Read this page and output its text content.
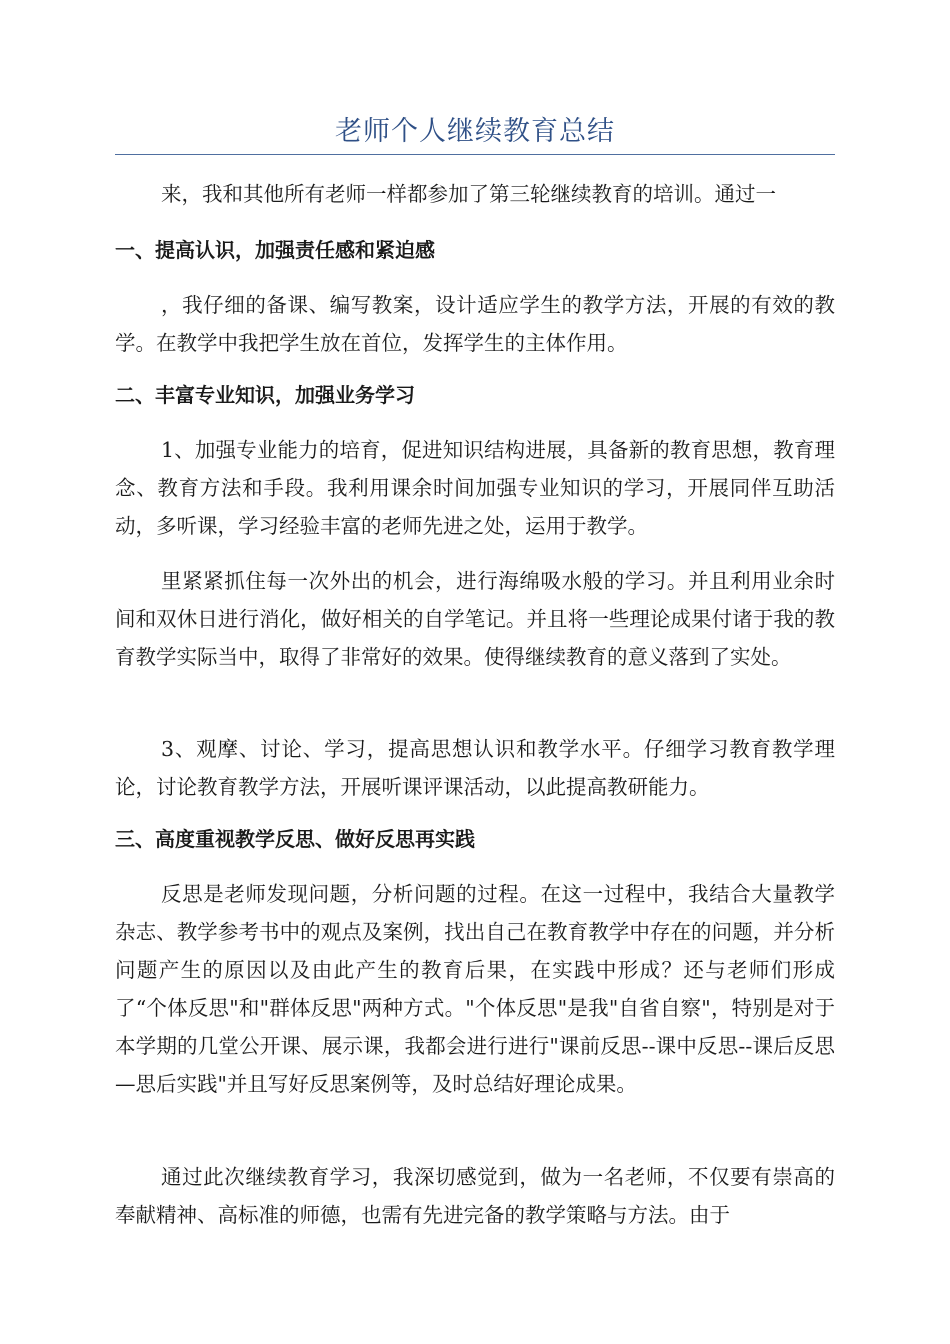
老师个人继续教育总结

来，我和其他所有老师一样都参加了第三轮继续教育的培训。通过一

一、提高认识，加强责任感和紧迫感

，我仔细的备课、编写教案，设计适应学生的教学方法，开展的有效的教学。在教学中我把学生放在首位，发挥学生的主体作用。

二、丰富专业知识，加强业务学习

1、加强专业能力的培育，促进知识结构进展，具备新的教育思想，教育理念、教育方法和手段。我利用课余时间加强专业知识的学习，开展同伴互助活动，多听课，学习经验丰富的老师先进之处，运用于教学。

里紧紧抓住每一次外出的机会，进行海绵吸水般的学习。并且利用业余时间和双休日进行消化，做好相关的自学笔记。并且将一些理论成果付诸于我的教育教学实际当中，取得了非常好的效果。使得继续教育的意义落到了实处。

3、观摩、讨论、学习，提高思想认识和教学水平。仔细学习教育教学理论，讨论教育教学方法，开展听课评课活动，以此提高教研能力。

三、高度重视教学反思、做好反思再实践

反思是老师发现问题，分析问题的过程。在这一过程中，我结合大量教学杂志、教学参考书中的观点及案例，找出自己在教育教学中存在的问题，并分析问题产生的原因以及由此产生的教育后果，在实践中形成？还与老师们形成了“个体反思"和"群体反思"两种方式。"个体反思"是我"自省自察"，特别是对于本学期的几堂公开课、展示课，我都会进行进行"课前反思--课中反思--课后反思—思后实践"并且写好反思案例等，及时总结好理论成果。

通过此次继续教育学习，我深切感觉到，做为一名老师，不仅要有崇高的奉献精神、高标准的师德，也需有先进完备的教学策略与方法。由于
